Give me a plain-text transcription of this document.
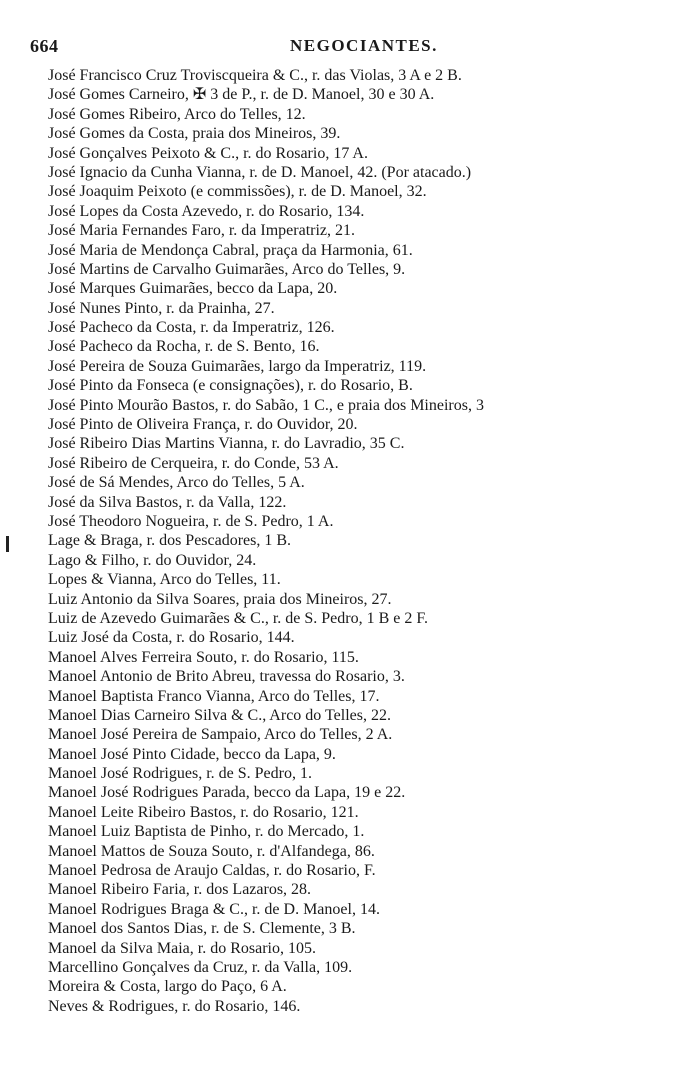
664	NEGOCIANTES.
José Francisco Cruz Troviscqueira & C., r. das Violas, 3 A e 2 B.
José Gomes Carneiro, ✠ 3 de P., r. de D. Manoel, 30 e 30 A.
José Gomes Ribeiro, Arco do Telles, 12.
José Gomes da Costa, praia dos Mineiros, 39.
José Gonçalves Peixoto & C., r. do Rosario, 17 A.
José Ignacio da Cunha Vianna, r. de D. Manoel, 42. (Por atacado.)
José Joaquim Peixoto (e commissões), r. de D. Manoel, 32.
José Lopes da Costa Azevedo, r. do Rosario, 134.
José Maria Fernandes Faro, r. da Imperatriz, 21.
José Maria de Mendonça Cabral, praça da Harmonia, 61.
José Martins de Carvalho Guimarães, Arco do Telles, 9.
José Marques Guimarães, becco da Lapa, 20.
José Nunes Pinto, r. da Prainha, 27.
José Pacheco da Costa, r. da Imperatriz, 126.
José Pacheco da Rocha, r. de S. Bento, 16.
José Pereira de Souza Guimarães, largo da Imperatriz, 119.
José Pinto da Fonseca (e consignações), r. do Rosario, B.
José Pinto Mourão Bastos, r. do Sabão, 1 C., e praia dos Mineiros, 3
José Pinto de Oliveira França, r. do Ouvidor, 20.
José Ribeiro Dias Martins Vianna, r. do Lavradio, 35 C.
José Ribeiro de Cerqueira, r. do Conde, 53 A.
José de Sá Mendes, Arco do Telles, 5 A.
José da Silva Bastos, r. da Valla, 122.
José Theodoro Nogueira, r. de S. Pedro, 1 A.
Lage & Braga, r. dos Pescadores, 1 B.
Lago & Filho, r. do Ouvidor, 24.
Lopes & Vianna, Arco do Telles, 11.
Luiz Antonio da Silva Soares, praia dos Mineiros, 27.
Luiz de Azevedo Guimarães & C., r. de S. Pedro, 1 B e 2 F.
Luiz José da Costa, r. do Rosario, 144.
Manoel Alves Ferreira Souto, r. do Rosario, 115.
Manoel Antonio de Brito Abreu, travessa do Rosario, 3.
Manoel Baptista Franco Vianna, Arco do Telles, 17.
Manoel Dias Carneiro Silva & C., Arco do Telles, 22.
Manoel José Pereira de Sampaio, Arco do Telles, 2 A.
Manoel José Pinto Cidade, becco da Lapa, 9.
Manoel José Rodrigues, r. de S. Pedro, 1.
Manoel José Rodrigues Parada, becco da Lapa, 19 e 22.
Manoel Leite Ribeiro Bastos, r. do Rosario, 121.
Manoel Luiz Baptista de Pinho, r. do Mercado, 1.
Manoel Mattos de Souza Souto, r. d'Alfandega, 86.
Manoel Pedrosa de Araujo Caldas, r. do Rosario, F.
Manoel Ribeiro Faria, r. dos Lazaros, 28.
Manoel Rodrigues Braga & C., r. de D. Manoel, 14.
Manoel dos Santos Dias, r. de S. Clemente, 3 B.
Manoel da Silva Maia, r. do Rosario, 105.
Marcellino Gonçalves da Cruz, r. da Valla, 109.
Moreira & Costa, largo do Paço, 6 A.
Neves & Rodrigues, r. do Rosario, 146.
